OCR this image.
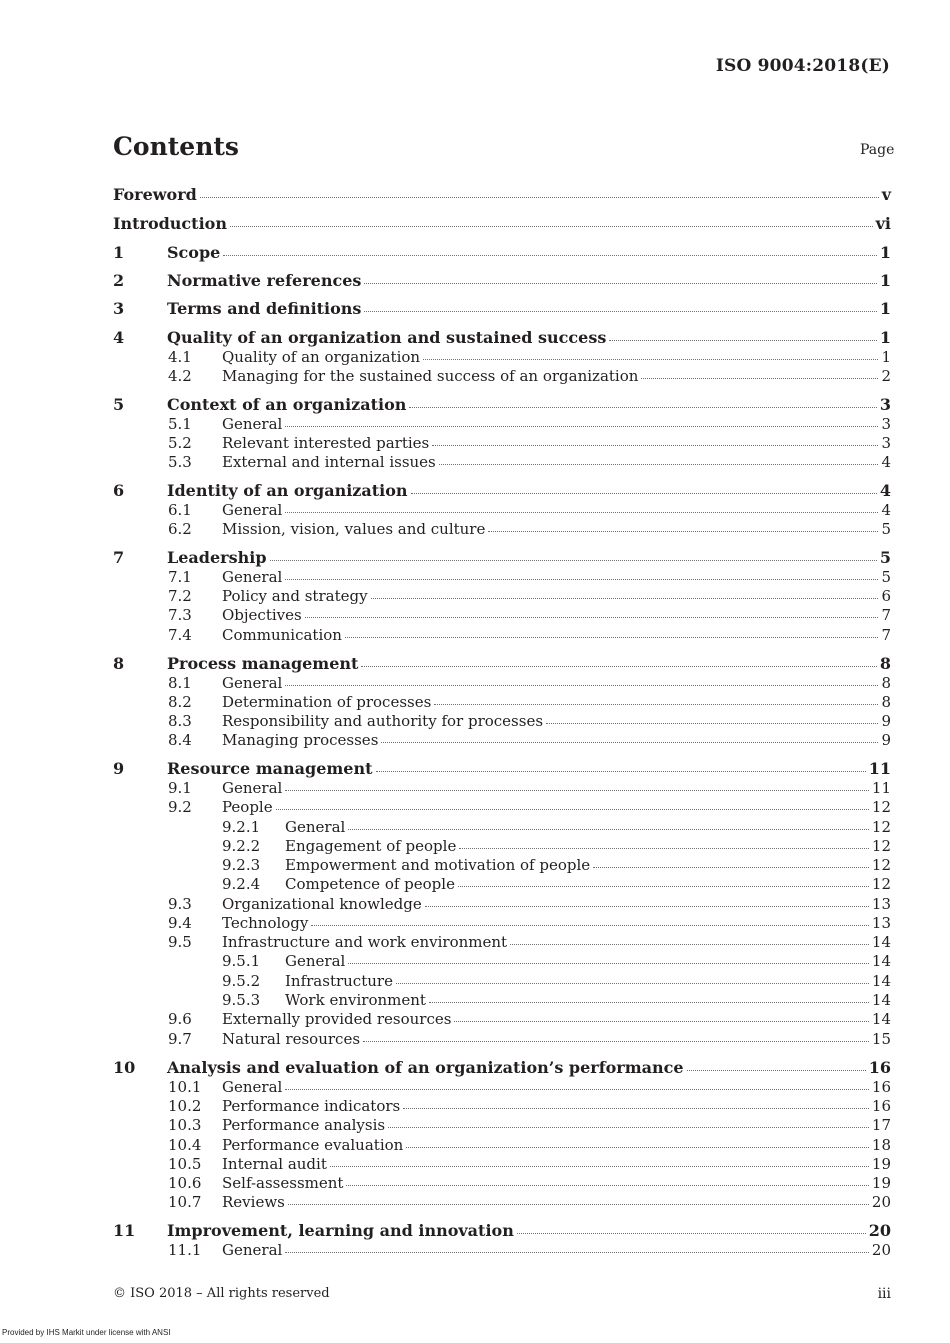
ISO 9004:2018(E)
Contents	Page
Foreword	v
Introduction	vi
1	Scope	1
2	Normative references	1
3	Terms and definitions	1
4	Quality of an organization and sustained success	1
4.1 Quality of an organization	1
4.2 Managing for the sustained success of an organization	2
5	Context of an organization	3
5.1 General	3
5.2 Relevant interested parties	3
5.3 External and internal issues	4
6	Identity of an organization	4
6.1 General	4
6.2 Mission, vision, values and culture	5
7	Leadership	5
7.1 General	5
7.2 Policy and strategy	6
7.3 Objectives	7
7.4 Communication	7
8	Process management	8
8.1 General	8
8.2 Determination of processes	8
8.3 Responsibility and authority for processes	9
8.4 Managing processes	9
9	Resource management	11
9.1 General	11
9.2 People	12
9.2.1 General	12
9.2.2 Engagement of people	12
9.2.3 Empowerment and motivation of people	12
9.2.4 Competence of people	12
9.3 Organizational knowledge	13
9.4 Technology	13
9.5 Infrastructure and work environment	14
9.5.1 General	14
9.5.2 Infrastructure	14
9.5.3 Work environment	14
9.6 Externally provided resources	14
9.7 Natural resources	15
10 Analysis and evaluation of an organization’s performance	16
10.1 General	16
10.2 Performance indicators	16
10.3 Performance analysis	17
10.4 Performance evaluation	18
10.5 Internal audit	19
10.6 Self-assessment	19
10.7 Reviews	20
11 Improvement, learning and innovation	20
11.1 General	20
© ISO 2018 – All rights reserved	iii
Provided by IHS Markit under license with ANSI
